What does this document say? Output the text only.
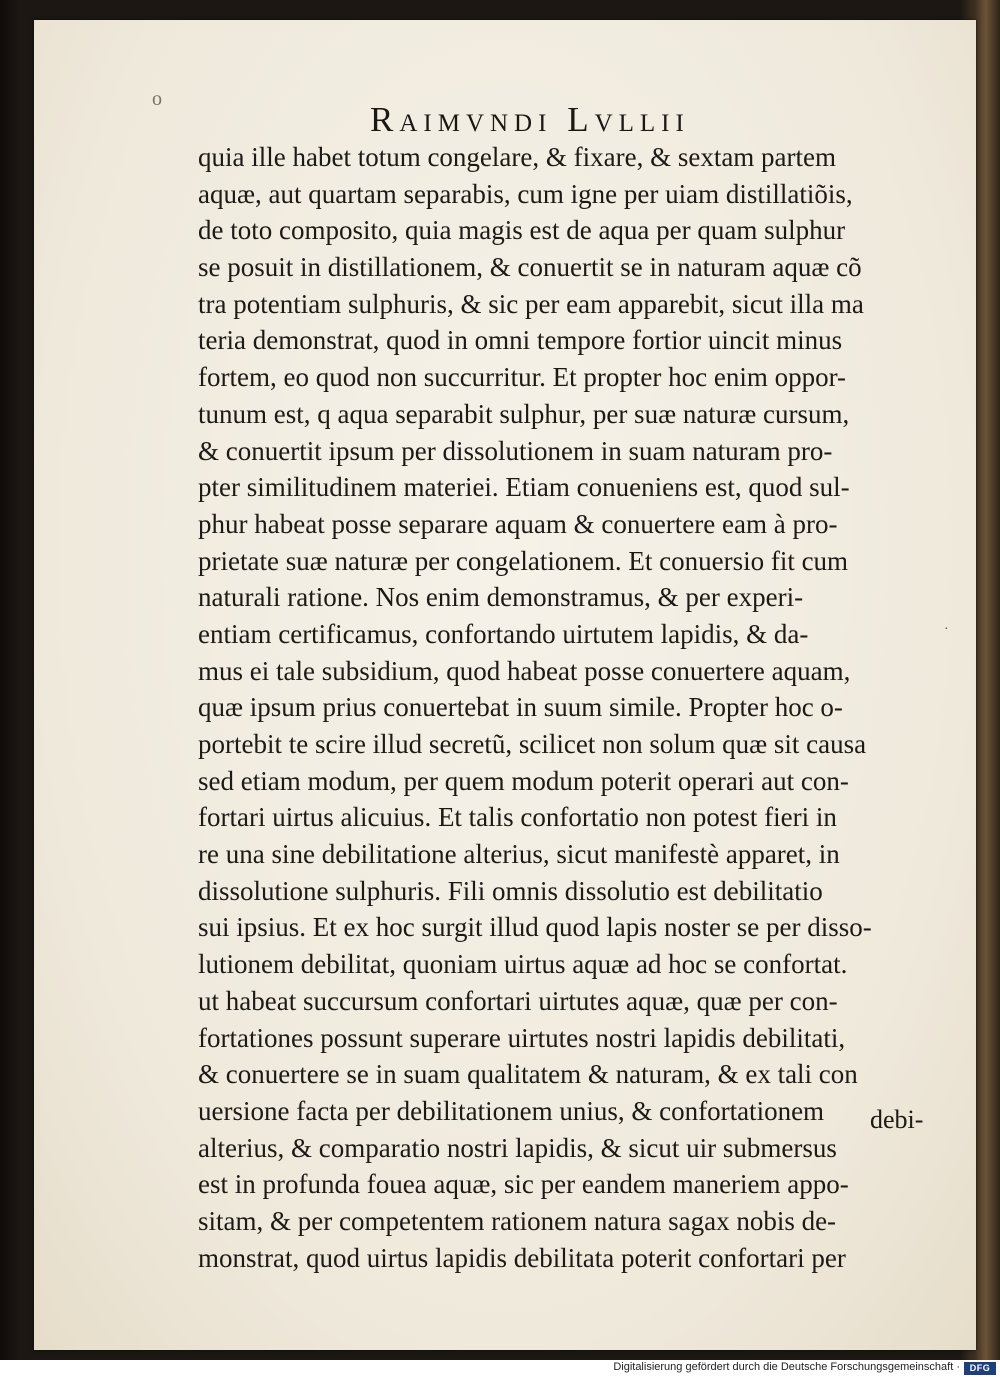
o
Raimvndi Lvllii
quia ille habet totum congelare, & fixare, & sextam partem
aquæ, aut quartam separabis, cum igne per uiam distillatiõis,
de toto composito, quia magis est de aqua per quam sulphur
se posuit in distillationem, & conuertit se in naturam aquæ cõ
tra potentiam sulphuris, & sic per eam apparebit, sicut illa ma
teria demonstrat, quod in omni tempore fortior uincit minus
fortem, eo quod non succurritur. Et propter hoc enim oppor-
tunum est, q aqua separabit sulphur, per suæ naturæ cursum,
& conuertit ipsum per dissolutionem in suam naturam pro-
pter similitudinem materiei. Etiam conueniens est, quod sul-
phur habeat posse separare aquam & conuertere eam à pro-
prietate suæ naturæ per congelationem. Et conuersio fit cum
naturali ratione. Nos enim demonstramus, & per experi-
entiam certificamus, confortando uirtutem lapidis, & da-
mus ei tale subsidium, quod habeat posse conuertere aquam,
quæ ipsum prius conuertebat in suum simile. Propter hoc o-
portebit te scire illud secretũ, scilicet non solum quæ sit causa
sed etiam modum, per quem modum poterit operari aut con-
fortari uirtus alicuius. Et talis confortatio non potest fieri in
re una sine debilitatione alterius, sicut manifestè apparet, in
dissolutione sulphuris. Fili omnis dissolutio est debilitatio
sui ipsius. Et ex hoc surgit illud quod lapis noster se per disso-
lutionem debilitat, quoniam uirtus aquæ ad hoc se confortat.
ut habeat succursum confortari uirtutes aquæ, quæ per con-
fortationes possunt superare uirtutes nostri lapidis debilitati,
& conuertere se in suam qualitatem & naturam, & ex tali con
uersione facta per debilitationem unius, & confortationem
alterius, & comparatio nostri lapidis, & sicut uir submersus
est in profunda fouea aquæ, sic per eandem maneriem appo-
sitam, & per competentem rationem natura sagax nobis de-
monstrat, quod uirtus lapidis debilitata poterit confortari per
debi-
·
Digitalisierung gefördert durch die Deutsche Forschungsgemeinschaft ·	DFG
